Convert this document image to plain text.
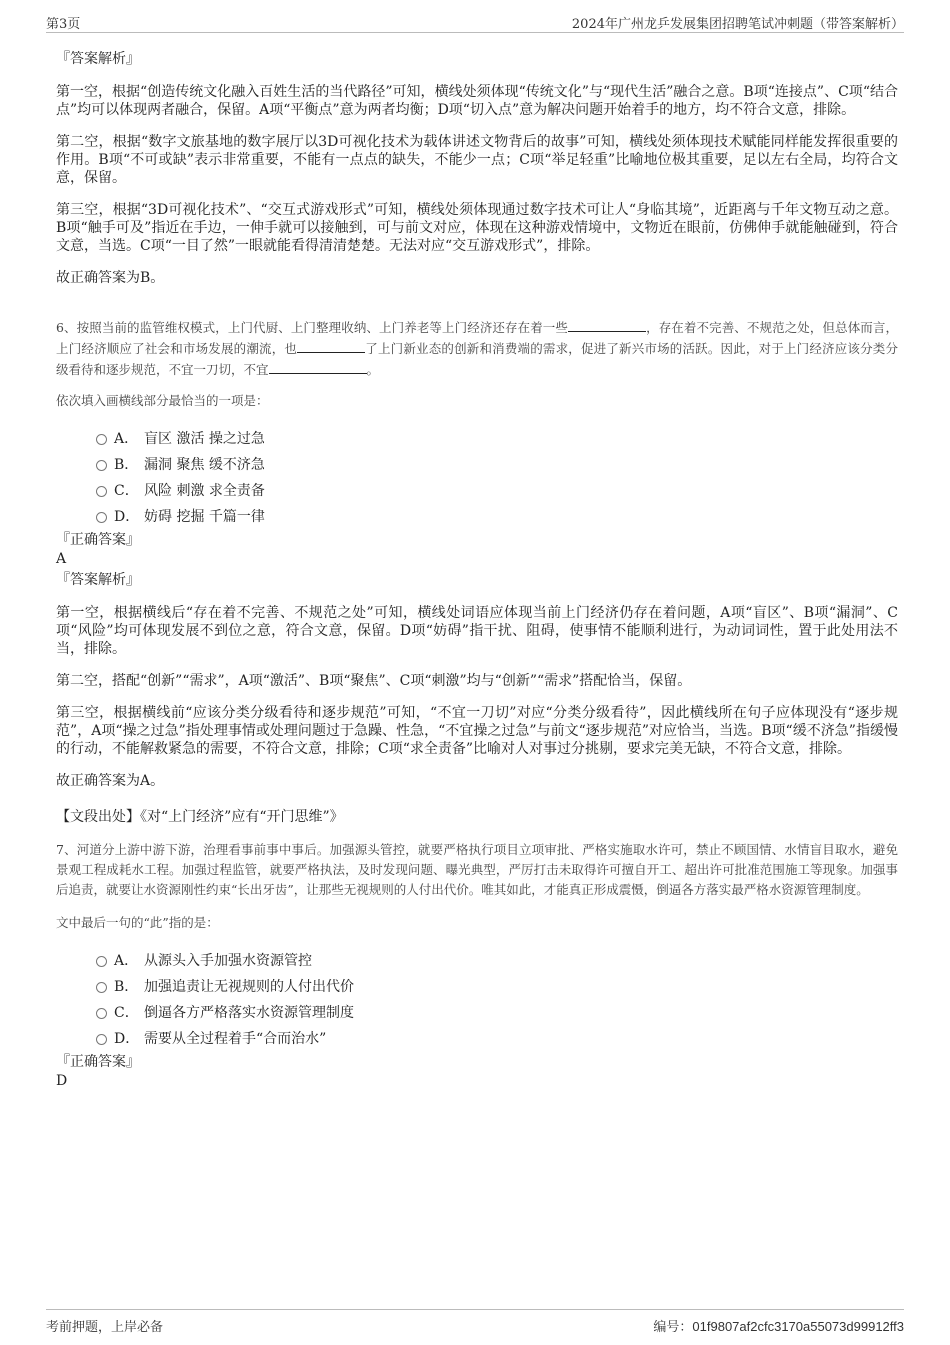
第3页	2024年广州龙乒发展集团招聘笔试冲刺题（带答案解析）
『答案解析』

第一空，根据“创造传统文化融入百姓生活的当代路径”可知，横线处须体现“传统文化”与“现代生活”融合之意。B项“连接点”、C项“结合点”均可以体现两者融合，保留。A项“平衡点”意为两者均衡；D项“切入点”意为解决问题开始着手的地方，均不符合文意，排除。

第二空，根据“数字文旅基地的数字展厅以3D可视化技术为载体讲述文物背后的故事”可知，横线处须体现技术赋能同样能发挥很重要的作用。B项“不可或缺”表示非常重要，不能有一点点的缺失，不能少一点；C项“举足轻重”比喻地位极其重要，足以左右全局，均符合文意，保留。

第三空，根据“3D可视化技术”、“交互式游戏形式”可知，横线处须体现通过数字技术可让人“身临其境”，近距离与千年文物互动之意。B项“触手可及”指近在手边，一伸手就可以接触到，可与前文对应，体现在这种游戏情境中，文物近在眼前，仿佛伸手就能触碰到，符合文意，当选。C项“一目了然”一眼就能看得清清楚楚。无法对应“交互游戏形式”，排除。

故正确答案为B。

6、按照当前的监管维权模式，上门代厨、上门整理收纳、上门养老等上门经济还存在着一些	，存在着不完善、不规范之处，但总体而言，上门经济顺应了社会和市场发展的潮流，也	了上门新业态的创新和消费端的需求，促进了新兴市场的活跃。因此，对于上门经济应该分类分级看待和逐步规范，不宜一刀切，不宜	。

依次填入画横线部分最恰当的一项是：

A． 盲区 激活 操之过急
B． 漏洞 聚焦 缓不济急
C． 风险 刺激 求全责备
D． 妨碍 挖掘 千篇一律
『正确答案』
A
『答案解析』

第一空，根据横线后“存在着不完善、不规范之处”可知，横线处词语应体现当前上门经济仍存在着问题，A项“盲区”、B项“漏洞”、C项“风险”均可体现发展不到位之意，符合文意，保留。D项“妨碍”指干扰、阻碍，使事情不能顺利进行，为动词词性，置于此处用法不当，排除。

第二空，搭配“创新”“需求”，A项“激活”、B项“聚焦”、C项“刺激”均与“创新”“需求”搭配恰当，保留。

第三空，根据横线前“应该分类分级看待和逐步规范”可知，“不宜一刀切”对应“分类分级看待”，因此横线所在句子应体现没有“逐步规范”，A项“操之过急”指处理事情或处理问题过于急躁、性急，“不宜操之过急”与前文“逐步规范”对应恰当，当选。B项“缓不济急”指缓慢的行动，不能解救紧急的需要，不符合文意，排除；C项“求全责备”比喻对人对事过分挑剔，要求完美无缺，不符合文意，排除。

故正确答案为A。

【文段出处】《对“上门经济”应有“开门思维”》

7、河道分上游中游下游，治理看事前事中事后。加强源头管控，就要严格执行项目立项审批、严格实施取水许可，禁止不顾国情、水情盲目取水，避免景观工程成耗水工程。加强过程监管，就要严格执法，及时发现问题、曝光典型，严厉打击未取得许可擅自开工、超出许可批准范围施工等现象。加强事后追责，就要让水资源刚性约束“长出牙齿”，让那些无视规则的人付出代价。唯其如此，才能真正形成震慑，倒逼各方落实最严格水资源管理制度。

文中最后一句的“此”指的是：

A． 从源头入手加强水资源管控
B． 加强追责让无视规则的人付出代价
C． 倒逼各方严格落实水资源管理制度
D． 需要从全过程着手“合而治水”
『正确答案』
D
考前押题，上岸必备	编号：01f9807af2cfc3170a55073d99912ff3
